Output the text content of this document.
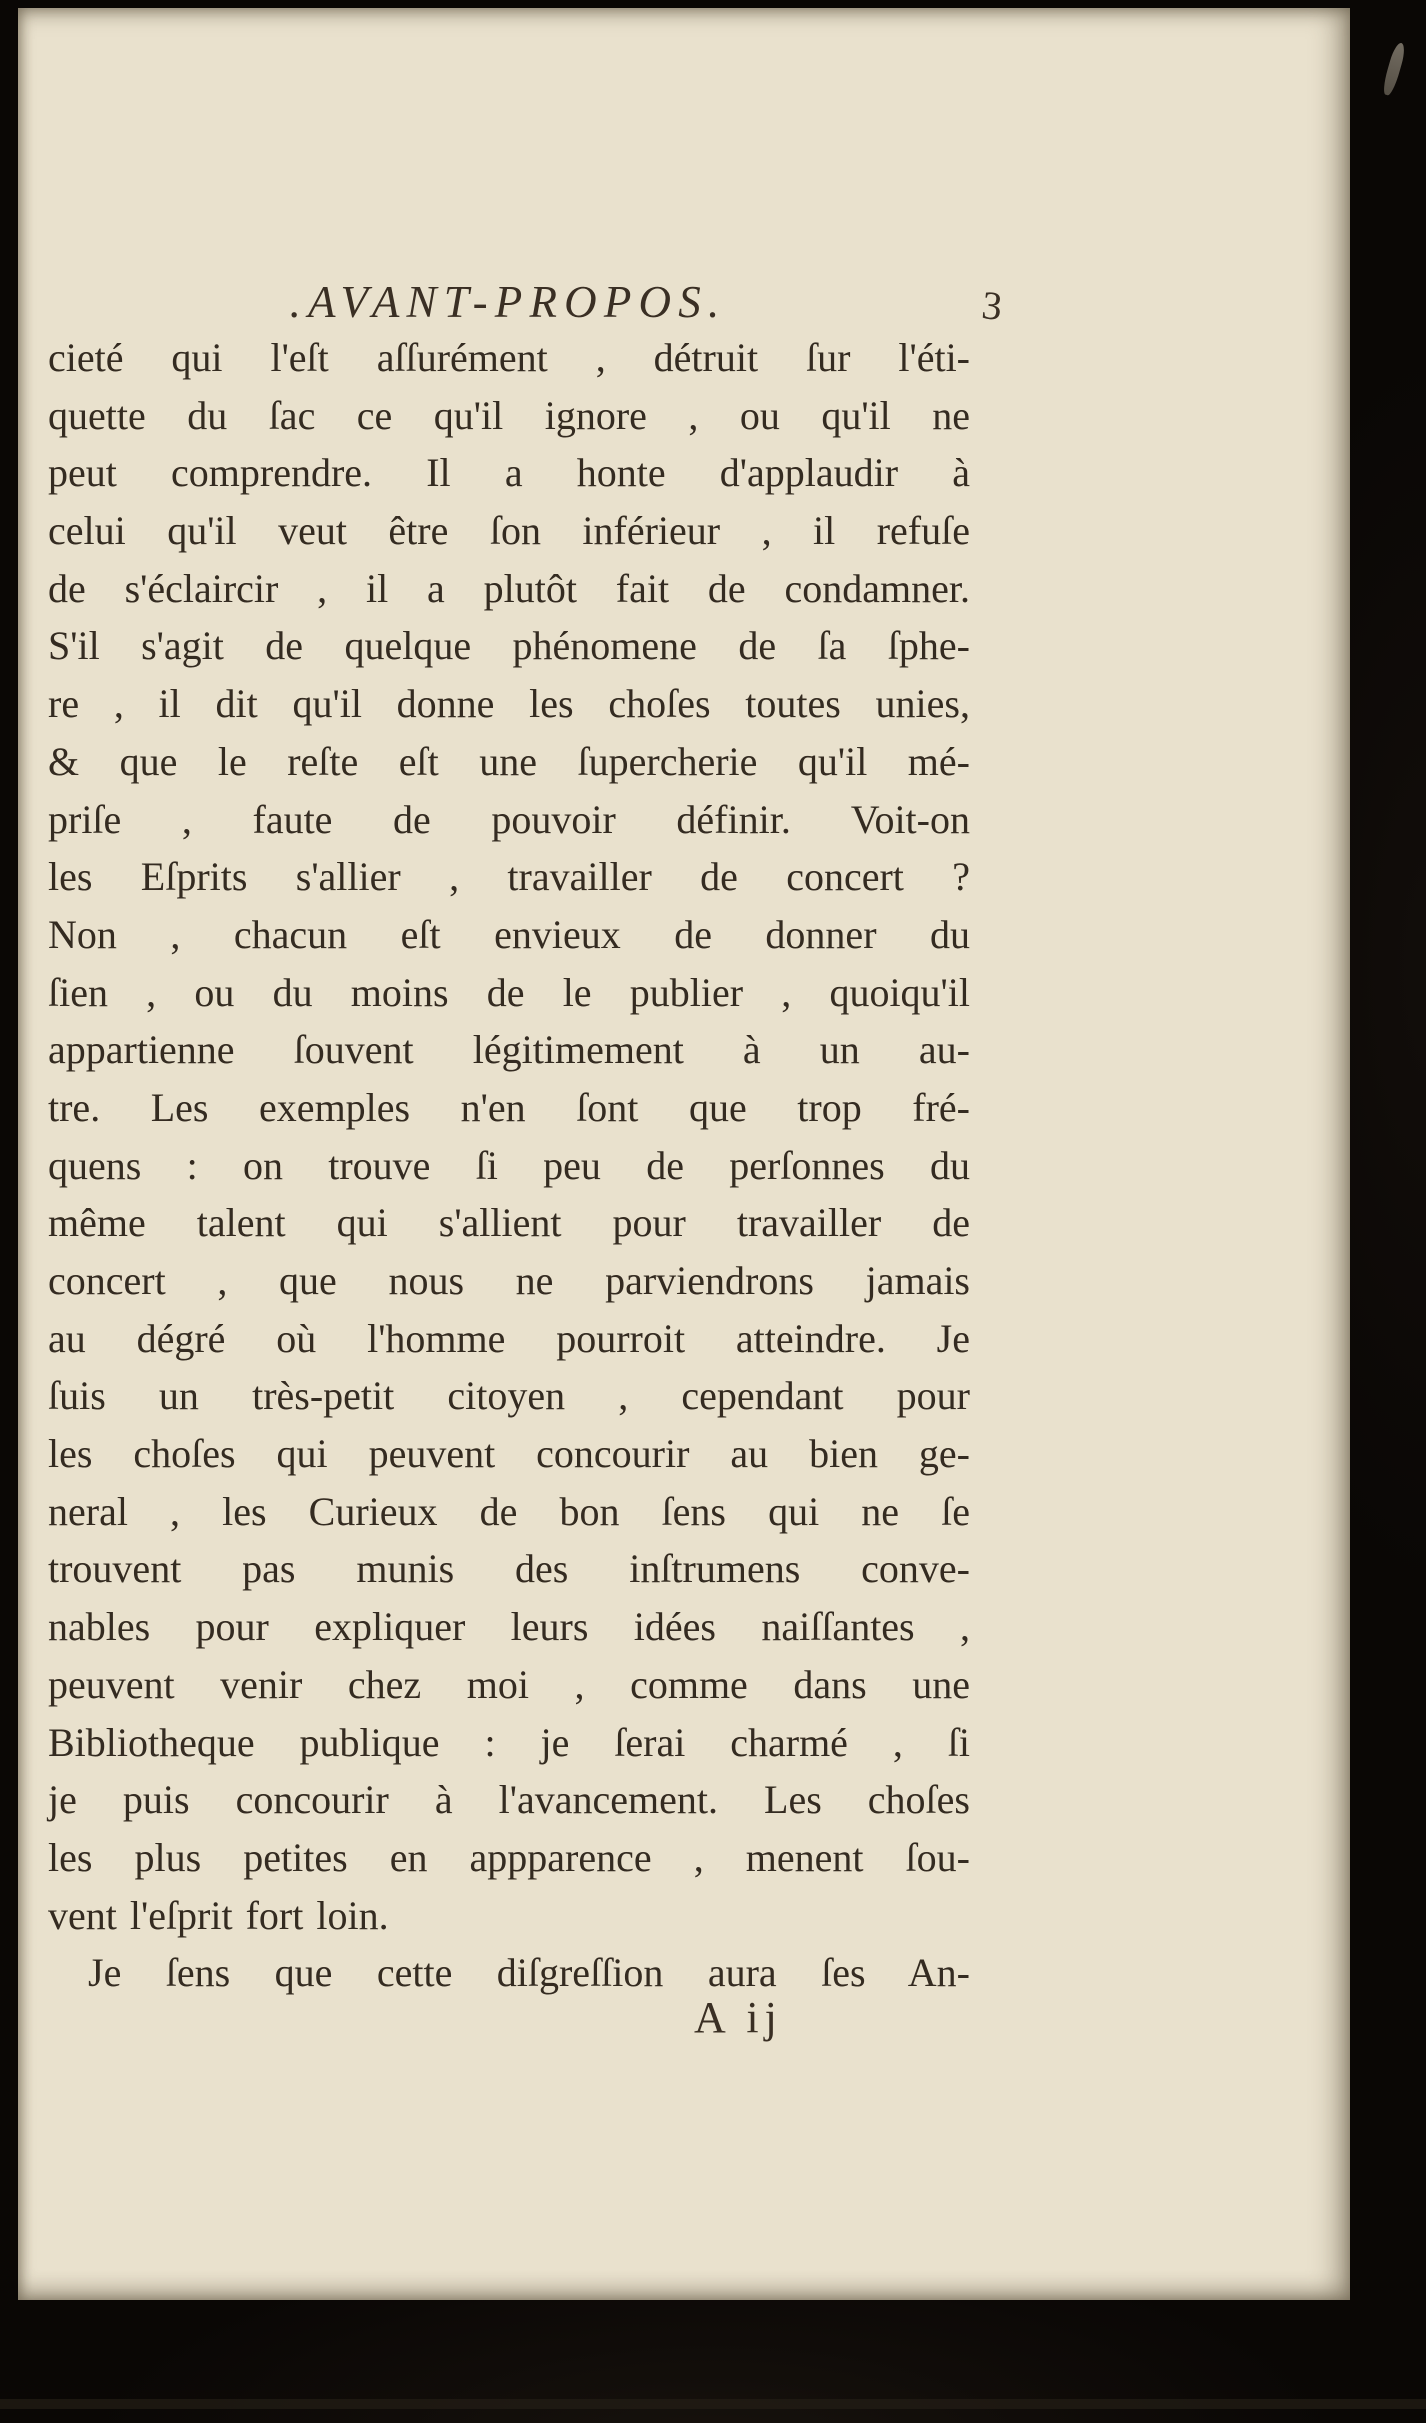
.AVANT-PROPOS.	3
cieté qui l'eſt aſſurément , détruit ſur l'éti-
quette du ſac ce qu'il ignore , ou qu'il ne
peut comprendre. Il a honte d'applaudir à
celui qu'il veut être ſon inférieur , il refuſe
de s'éclaircir , il a plutôt fait de condamner.
S'il s'agit de quelque phénomene de ſa ſphe-
re , il dit qu'il donne les choſes toutes unies,
& que le reſte eſt une ſupercherie qu'il mé-
priſe , faute de pouvoir définir. Voit-on
les Eſprits s'allier , travailler de concert ?
Non , chacun eſt envieux de donner du
ſien , ou du moins de le publier , quoiqu'il
appartienne ſouvent légitimement à un au-
tre. Les exemples n'en ſont que trop fré-
quens : on trouve ſi peu de perſonnes du
même talent qui s'allient pour travailler de
concert , que nous ne parviendrons jamais
au dégré où l'homme pourroit atteindre. Je
ſuis un très-petit citoyen , cependant pour
les choſes qui peuvent concourir au bien ge-
neral , les Curieux de bon ſens qui ne ſe
trouvent pas munis des inſtrumens conve-
nables pour expliquer leurs idées naiſſantes ,
peuvent venir chez moi , comme dans une
Bibliotheque publique : je ſerai charmé , ſi
je puis concourir à l'avancement. Les choſes
les plus petites en appparence , menent ſou-
vent l'eſprit fort loin.
Je ſens que cette diſgreſſion aura ſes An-
A ij
